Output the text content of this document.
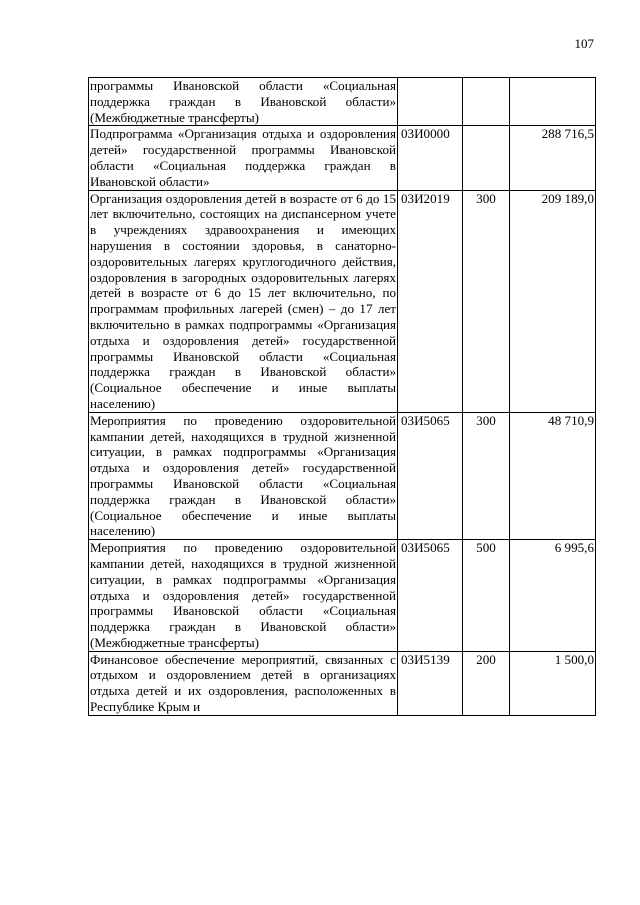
107
программы Ивановской области «Социальная поддержка граждан в Ивановской области» (Межбюджетные трансферты)			
Подпрограмма «Организация отдыха и оздоровления детей» государственной программы Ивановской области «Социальная поддержка граждан в Ивановской области»	03И0000		288 716,5
Организация оздоровления детей в возрасте от 6 до 15 лет включительно, состоящих на диспансерном учете в учреждениях здравоохранения и имеющих нарушения в состоянии здоровья, в санаторно-оздоровительных лагерях круглогодичного действия, оздоровления в загородных оздоровительных лагерях детей в возрасте от 6 до 15 лет включительно, по программам профильных лагерей (смен) – до 17 лет включительно в рамках подпрограммы «Организация отдыха и оздоровления детей» государственной программы Ивановской области «Социальная поддержка граждан в Ивановской области» (Социальное обеспечение и иные выплаты населению)	03И2019	300	209 189,0
Мероприятия по проведению оздоровительной кампании детей, находящихся в трудной жизненной ситуации, в рамках подпрограммы «Организация отдыха и оздоровления детей» государственной программы Ивановской области «Социальная поддержка граждан в Ивановской области» (Социальное обеспечение и иные выплаты населению)	03И5065	300	48 710,9
Мероприятия по проведению оздоровительной кампании детей, находящихся в трудной жизненной ситуации, в рамках подпрограммы «Организация отдыха и оздоровления детей» государственной программы Ивановской области «Социальная поддержка граждан в Ивановской области» (Межбюджетные трансферты)	03И5065	500	6 995,6
Финансовое обеспечение мероприятий, связанных с отдыхом и оздоровлением детей в организациях отдыха детей и их оздоровления, расположенных в Республике Крым и	03И5139	200	1 500,0
